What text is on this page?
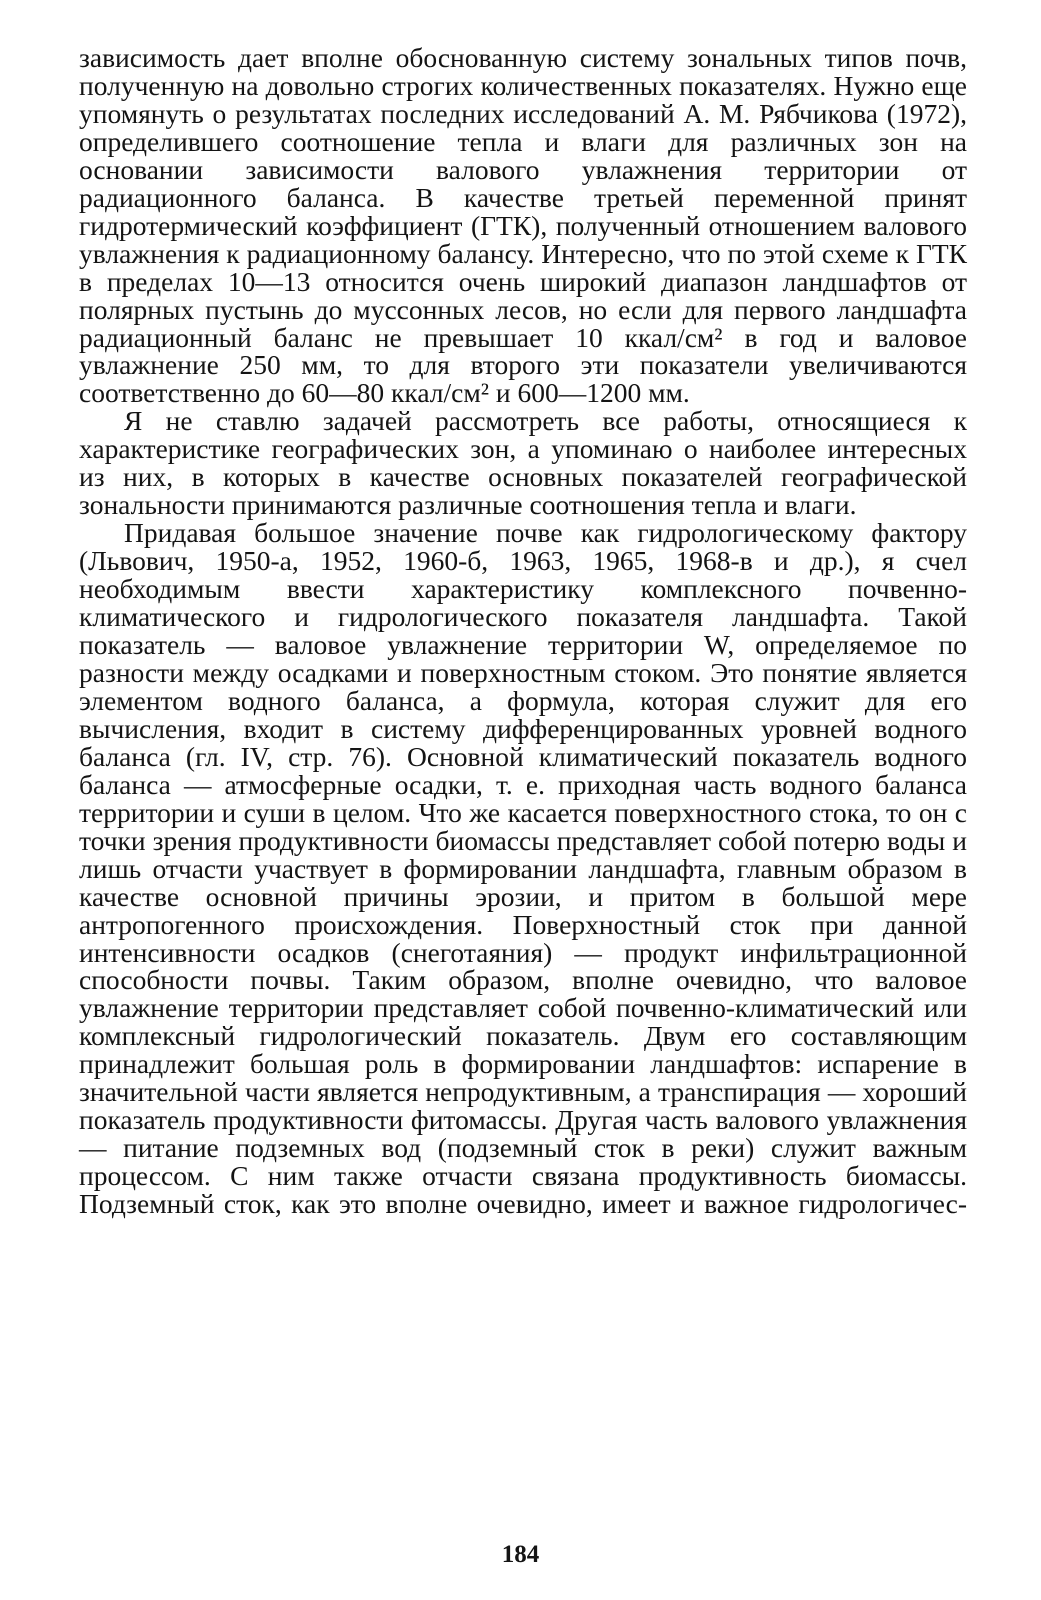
зависимость дает вполне обоснованную систему зональных типов почв, полученную на довольно строгих количественных показателях. Нужно еще упомянуть о результатах последних исследований А. М. Рябчикова (1972), определившего соотношение тепла и влаги для различных зон на основании зависимости валового увлажнения территории от радиационного баланса. В качестве третьей переменной принят гидротермический коэффициент (ГТК), полученный отношением валового увлажнения к радиационному балансу. Интересно, что по этой схеме к ГТК в пределах 10—13 относится очень широкий диапазон ландшафтов от полярных пустынь до муссонных лесов, но если для первого ландшафта радиационный баланс не превышает 10 ккал/см² в год и валовое увлажнение 250 мм, то для второго эти показатели увеличиваются соответственно до 60—80 ккал/см² и 600—1200 мм.

Я не ставлю задачей рассмотреть все работы, относящиеся к характеристике географических зон, а упоминаю о наиболее интересных из них, в которых в качестве основных показателей географической зональности принимаются различные соотношения тепла и влаги.

Придавая большое значение почве как гидрологическому фактору (Львович, 1950-а, 1952, 1960-б, 1963, 1965, 1968-в и др.), я счел необходимым ввести характеристику комплексного почвенно-климатического и гидрологического показателя ландшафта. Такой показатель — валовое увлажнение территории W, определяемое по разности между осадками и поверхностным стоком. Это понятие является элементом водного баланса, а формула, которая служит для его вычисления, входит в систему дифференцированных уровней водного баланса (гл. IV, стр. 76). Основной климатический показатель водного баланса — атмосферные осадки, т. е. приходная часть водного баланса территории и суши в целом. Что же касается поверхностного стока, то он с точки зрения продуктивности биомассы представляет собой потерю воды и лишь отчасти участвует в формировании ландшафта, главным образом в качестве основной причины эрозии, и притом в большой мере антропогенного происхождения. Поверхностный сток при данной интенсивности осадков (снеготаяния) — продукт инфильтрационной способности почвы. Таким образом, вполне очевидно, что валовое увлажнение территории представляет собой почвенно-климатический или комплексный гидрологический показатель. Двум его составляющим принадлежит большая роль в формировании ландшафтов: испарение в значительной части является непродуктивным, а транспирация — хороший показатель продуктивности фитомассы. Другая часть валового увлажнения — питание подземных вод (подземный сток в реки) служит важным процессом. С ним также отчасти связана продуктивность биомассы. Подземный сток, как это вполне очевидно, имеет и важное гидрологичес-

184
